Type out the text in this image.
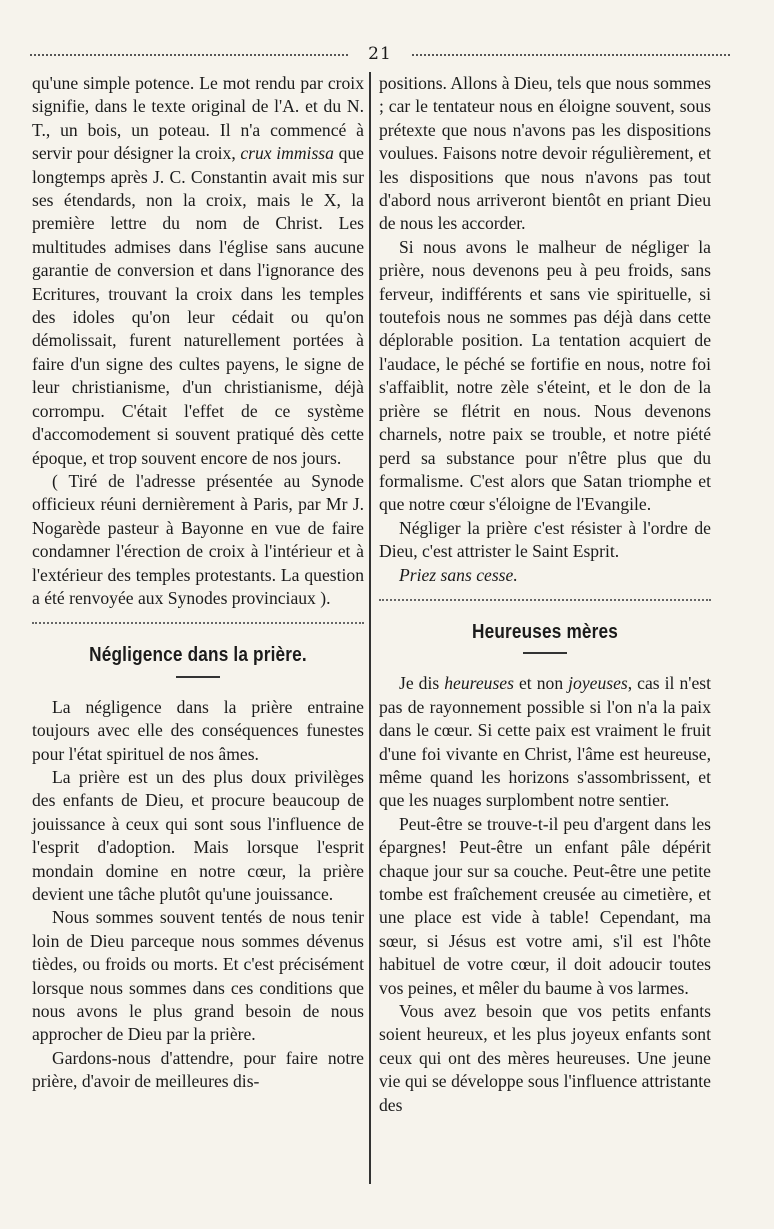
21

qu'une simple potence. Le mot rendu par croix signifie, dans le texte original de l'A. et du N. T., un bois, un poteau. Il n'a commencé à servir pour désigner la croix, crux immissa que longtemps après J. C. Constantin avait mis sur ses étendards, non la croix, mais le X, la première lettre du nom de Christ. Les multitudes admises dans l'église sans aucune garantie de conversion et dans l'ignorance des Ecritures, trouvant la croix dans les temples des idoles qu'on leur cédait ou qu'on démolissait, furent naturellement portées à faire d'un signe des cultes payens, le signe de leur christianisme, d'un christianisme, déjà corrompu. C'était l'effet de ce système d'accomodement si souvent pratiqué dès cette époque, et trop souvent encore de nos jours.

( Tiré de l'adresse présentée au Synode officieux réuni dernièrement à Paris, par Mr J. Nogarède pasteur à Bayonne en vue de faire condamner l'érection de croix à l'intérieur et à l'extérieur des temples protestants. La question a été renvoyée aux Synodes provinciaux ).

Négligence dans la prière.

La négligence dans la prière entraine toujours avec elle des conséquences funestes pour l'état spirituel de nos âmes.

La prière est un des plus doux privilèges des enfants de Dieu, et procure beaucoup de jouissance à ceux qui sont sous l'influence de l'esprit d'adoption. Mais lorsque l'esprit mondain domine en notre cœur, la prière devient une tâche plutôt qu'une jouissance.

Nous sommes souvent tentés de nous tenir loin de Dieu parceque nous sommes dévenus tièdes, ou froids ou morts. Et c'est précisément lorsque nous sommes dans ces conditions que nous avons le plus grand besoin de nous approcher de Dieu par la prière.

Gardons-nous d'attendre, pour faire notre prière, d'avoir de meilleures dis-

positions. Allons à Dieu, tels que nous sommes ; car le tentateur nous en éloigne souvent, sous prétexte que nous n'avons pas les dispositions voulues. Faisons notre devoir régulièrement, et les dispositions que nous n'avons pas tout d'abord nous arriveront bientôt en priant Dieu de nous les accorder.

Si nous avons le malheur de négliger la prière, nous devenons peu à peu froids, sans ferveur, indifférents et sans vie spirituelle, si toutefois nous ne sommes pas déjà dans cette déplorable position. La tentation acquiert de l'audace, le péché se fortifie en nous, notre foi s'affaiblit, notre zèle s'éteint, et le don de la prière se flétrit en nous. Nous devenons charnels, notre paix se trouble, et notre piété perd sa substance pour n'être plus que du formalisme. C'est alors que Satan triomphe et que notre cœur s'éloigne de l'Evangile.

Négliger la prière c'est résister à l'ordre de Dieu, c'est attrister le Saint Esprit.

Priez sans cesse.

Heureuses mères

Je dis heureuses et non joyeuses, cas il n'est pas de rayonnement possible si l'on n'a la paix dans le cœur. Si cette paix est vraiment le fruit d'une foi vivante en Christ, l'âme est heureuse, même quand les horizons s'assombrissent, et que les nuages surplombent notre sentier.

Peut-être se trouve-t-il peu d'argent dans les épargnes! Peut-être un enfant pâle dépérit chaque jour sur sa couche. Peut-être une petite tombe est fraîchement creusée au cimetière, et une place est vide à table! Cependant, ma sœur, si Jésus est votre ami, s'il est l'hôte habituel de votre cœur, il doit adoucir toutes vos peines, et mêler du baume à vos larmes.

Vous avez besoin que vos petits enfants soient heureux, et les plus joyeux enfants sont ceux qui ont des mères heureuses. Une jeune vie qui se développe sous l'influence attristante des
